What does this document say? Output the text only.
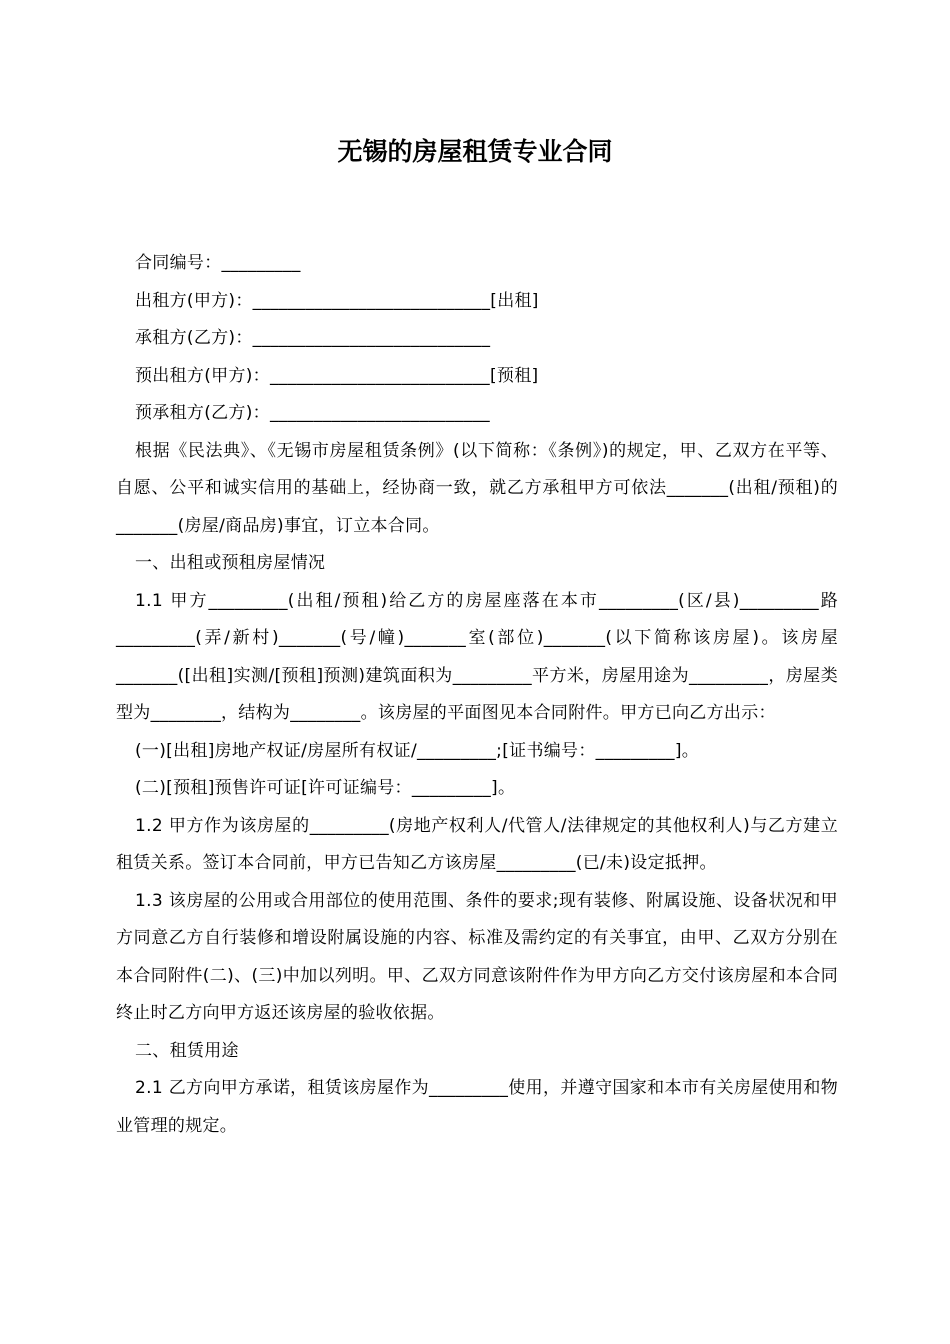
无锡的房屋租赁专业合同

合同编号：_________

出租方(甲方)：___________________________[出租]

承租方(乙方)：___________________________

预出租方(甲方)：_________________________[预租]

预承租方(乙方)：_________________________

根据《民法典》、《无锡市房屋租赁条例》(以下简称：《条例》)的规定，甲、乙双方在平等、自愿、公平和诚实信用的基础上，经协商一致，就乙方承租甲方可依法_______(出租/预租)的_______(房屋/商品房)事宜，订立本合同。

一、出租或预租房屋情况

1.1 甲方_________(出租/预租)给乙方的房屋座落在本市_________(区/县)_________路_________(弄/新村)_______(号/幢)_______室(部位)_______(以下简称该房屋)。该房屋_______([出租]实测/[预租]预测)建筑面积为_________平方米，房屋用途为_________，房屋类型为________，结构为________。该房屋的平面图见本合同附件。甲方已向乙方出示：

(一)[出租]房地产权证/房屋所有权证/_________;[证书编号：_________]。

(二)[预租]预售许可证[许可证编号：_________]。

1.2 甲方作为该房屋的_________(房地产权利人/代管人/法律规定的其他权利人)与乙方建立租赁关系。签订本合同前，甲方已告知乙方该房屋_________(已/未)设定抵押。

1.3 该房屋的公用或合用部位的使用范围、条件的要求;现有装修、附属设施、设备状况和甲方同意乙方自行装修和增设附属设施的内容、标准及需约定的有关事宜，由甲、乙双方分别在本合同附件(二)、(三)中加以列明。甲、乙双方同意该附件作为甲方向乙方交付该房屋和本合同终止时乙方向甲方返还该房屋的验收依据。

二、租赁用途

2.1 乙方向甲方承诺，租赁该房屋作为_________使用，并遵守国家和本市有关房屋使用和物业管理的规定。
